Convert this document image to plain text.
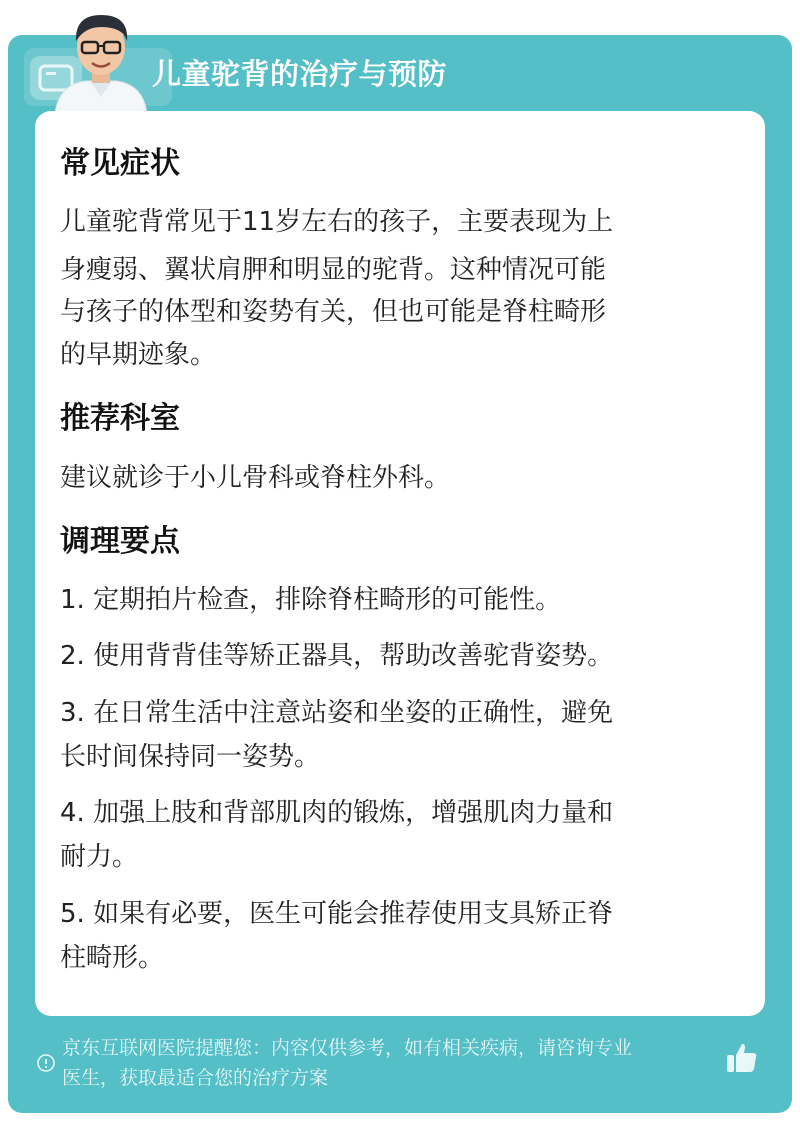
儿童驼背的治疗与预防
常见症状
儿童驼背常见于11岁左右的孩子，主要表现为上
身瘦弱、翼状肩胛和明显的驼背。这种情况可能
与孩子的体型和姿势有关，但也可能是脊柱畸形
的早期迹象。
推荐科室
建议就诊于小儿骨科或脊柱外科。
调理要点
1. 定期拍片检查，排除脊柱畸形的可能性。
2. 使用背背佳等矫正器具，帮助改善驼背姿势。
3. 在日常生活中注意站姿和坐姿的正确性，避免
长时间保持同一姿势。
4. 加强上肢和背部肌肉的锻炼，增强肌肉力量和
耐力。
5. 如果有必要，医生可能会推荐使用支具矫正脊
柱畸形。
京东互联网医院提醒您：内容仅供参考，如有相关疾病，请咨询专业
医生，获取最适合您的治疗方案
